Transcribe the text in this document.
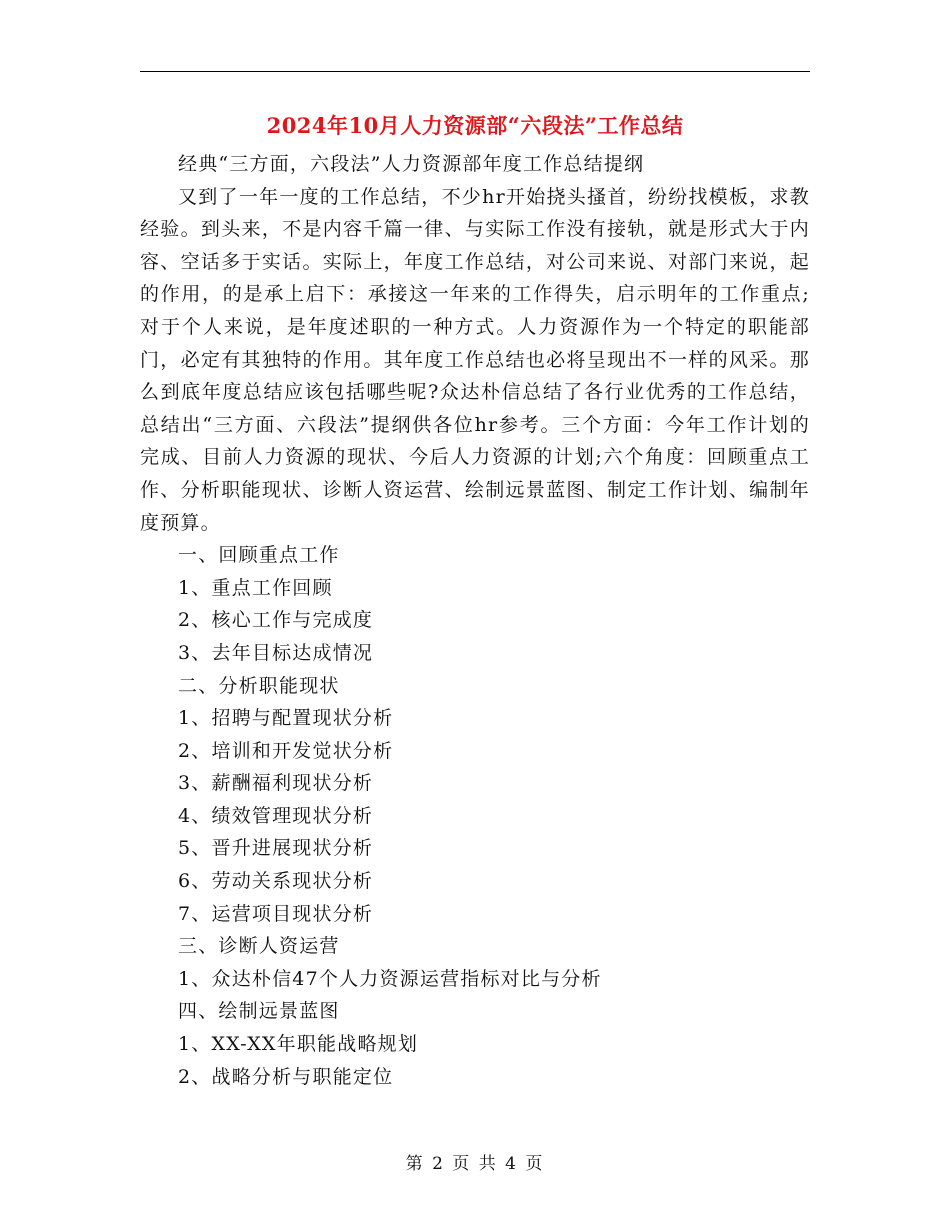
2024年10月人力资源部“六段法”工作总结

经典“三方面，六段法”人力资源部年度工作总结提纲

又到了一年一度的工作总结，不少hr开始挠头搔首，纷纷找模板，求教经验。到头来，不是内容千篇一律、与实际工作没有接轨，就是形式大于内容、空话多于实话。实际上，年度工作总结，对公司来说、对部门来说，起的作用，的是承上启下：承接这一年来的工作得失，启示明年的工作重点;对于个人来说，是年度述职的一种方式。人力资源作为一个特定的职能部门，必定有其独特的作用。其年度工作总结也必将呈现出不一样的风采。那么到底年度总结应该包括哪些呢?众达朴信总结了各行业优秀的工作总结，总结出“三方面、六段法”提纲供各位hr参考。三个方面：今年工作计划的完成、目前人力资源的现状、今后人力资源的计划;六个角度：回顾重点工作、分析职能现状、诊断人资运营、绘制远景蓝图、制定工作计划、编制年度预算。

一、回顾重点工作

1、重点工作回顾

2、核心工作与完成度

3、去年目标达成情况

二、分析职能现状

1、招聘与配置现状分析

2、培训和开发觉状分析

3、薪酬福利现状分析

4、绩效管理现状分析

5、晋升进展现状分析

6、劳动关系现状分析

7、运营项目现状分析

三、诊断人资运营

1、众达朴信47个人力资源运营指标对比与分析

四、绘制远景蓝图

1、XX-XX年职能战略规划

2、战略分析与职能定位

第 2 页 共 4 页
